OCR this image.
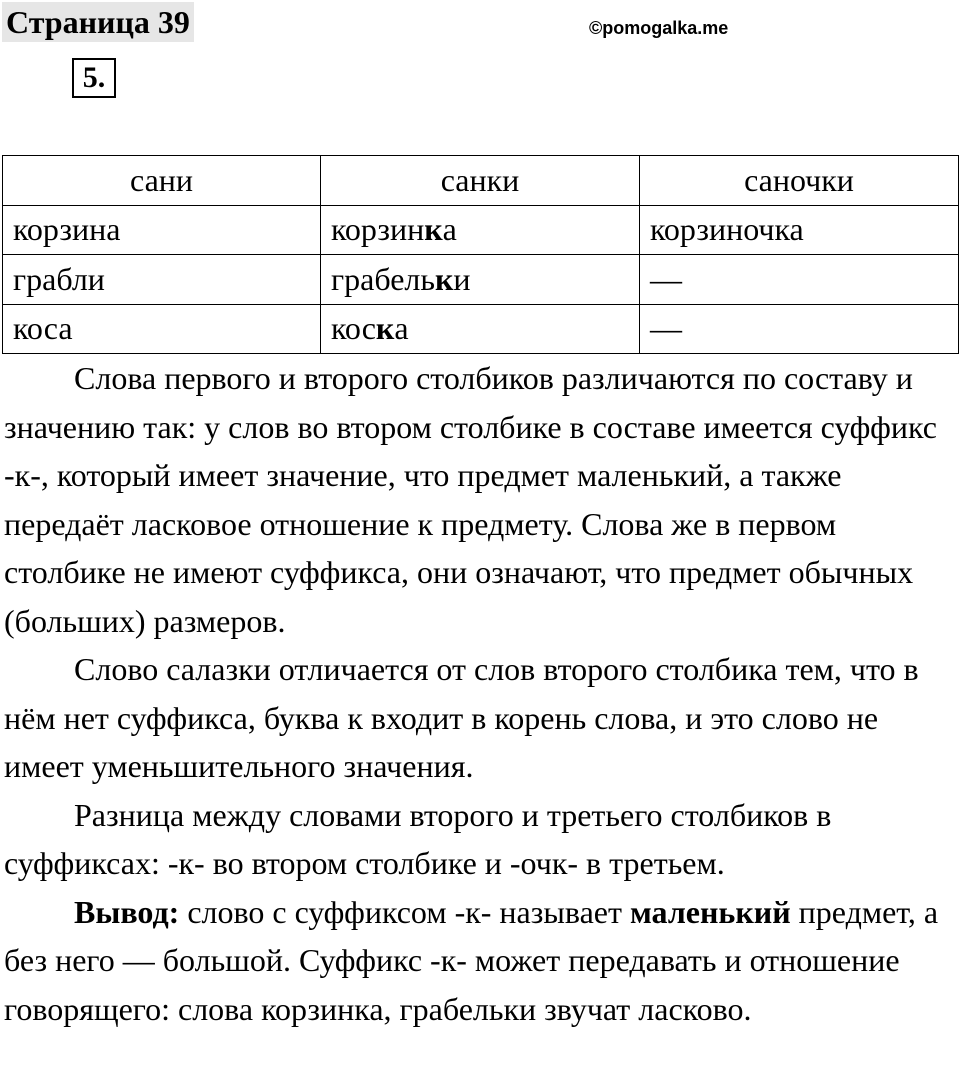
Страница 39	©pomogalka.me
5.
сани	санки	саночки
корзина	корзинка	корзиночка
грабли	грабельки	—
коса	коска	—

Слова первого и второго столбиков различаются по составу и значению так: у слов во втором столбике в составе имеется суффикс -к-, который имеет значение, что предмет маленький, а также передаёт ласковое отношение к предмету. Слова же в первом столбике не имеют суффикса, они означают, что предмет обычных (больших) размеров.

Слово салазки отличается от слов второго столбика тем, что в нём нет суффикса, буква к входит в корень слова, и это слово не имеет уменьшительного значения.

Разница между словами второго и третьего столбиков в суффиксах: -к- во втором столбике и -очк- в третьем.

Вывод: слово с суффиксом -к- называет маленький предмет, а без него — большой. Суффикс -к- может передавать и отношение говорящего: слова корзинка, грабельки звучат ласково.
